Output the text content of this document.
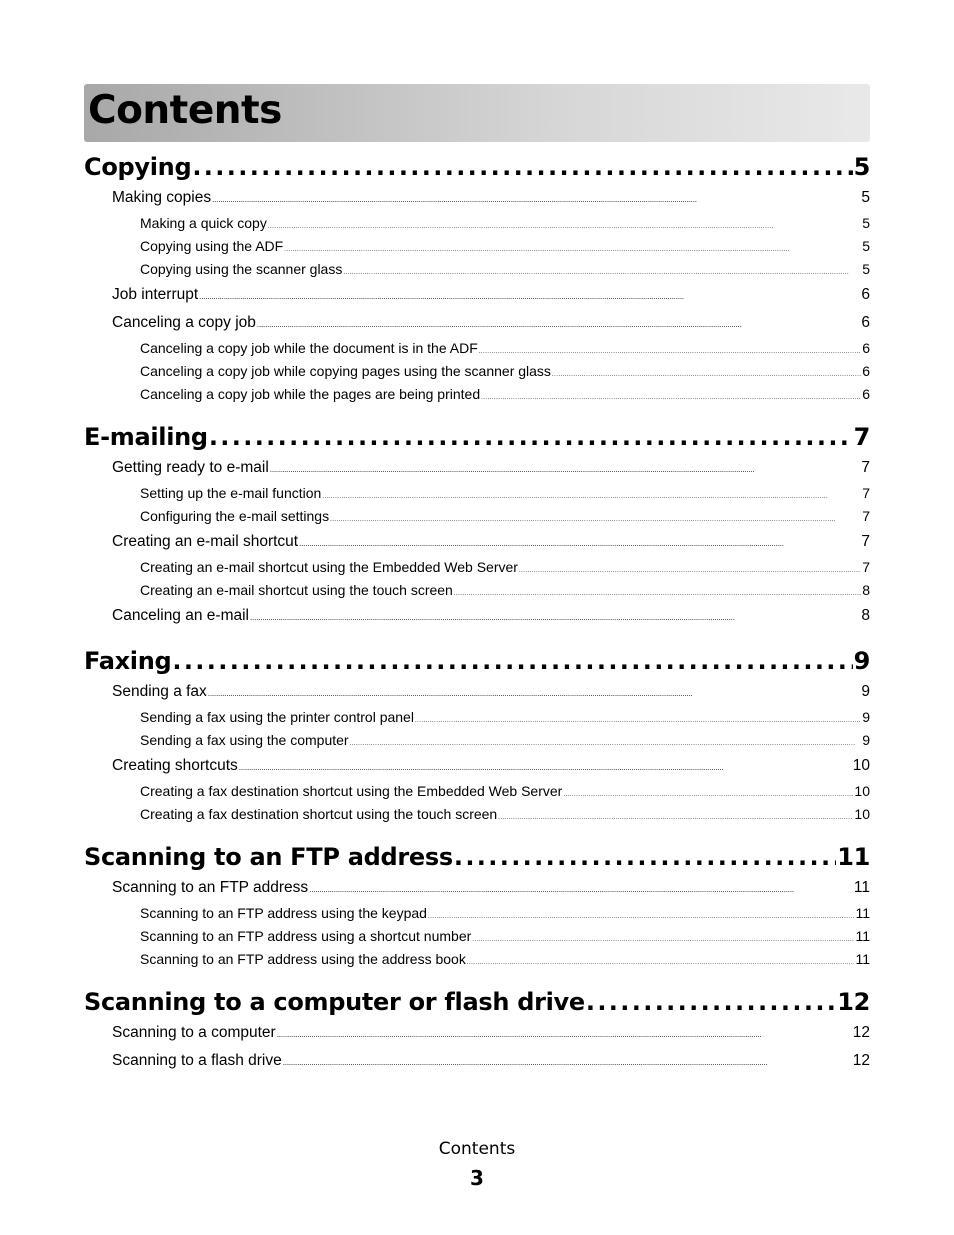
Contents
Copying . . .	5
Making copies . . .	5
Making a quick copy . . .	5
Copying using the ADF . . .	5
Copying using the scanner glass . . .	5
Job interrupt . . .	6
Canceling a copy job . . .	6
Canceling a copy job while the document is in the ADF . . .	6
Canceling a copy job while copying pages using the scanner glass . . .	6
Canceling a copy job while the pages are being printed . . .	6
E-mailing . . .	7
Getting ready to e-mail . . .	7
Setting up the e-mail function . . .	7
Configuring the e-mail settings . . .	7
Creating an e-mail shortcut . . .	7
Creating an e-mail shortcut using the Embedded Web Server . . .	7
Creating an e-mail shortcut using the touch screen . . .	8
Canceling an e-mail . . .	8
Faxing . . .	9
Sending a fax . . .	9
Sending a fax using the printer control panel . . .	9
Sending a fax using the computer . . .	9
Creating shortcuts . . .	10
Creating a fax destination shortcut using the Embedded Web Server . . .	10
Creating a fax destination shortcut using the touch screen . . .	10
Scanning to an FTP address . . .	11
Scanning to an FTP address . . .	11
Scanning to an FTP address using the keypad . . .	11
Scanning to an FTP address using a shortcut number . . .	11
Scanning to an FTP address using the address book . . .	11
Scanning to a computer or flash drive . . .	12
Scanning to a computer . . .	12
Scanning to a flash drive . . .	12
Contents
3
